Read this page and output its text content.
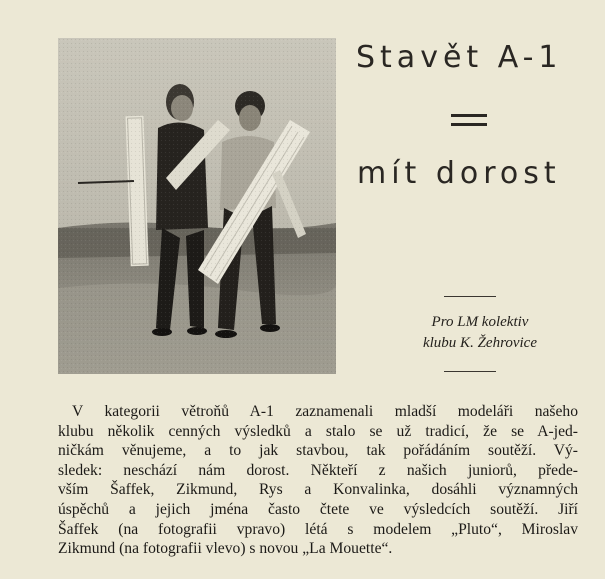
Stavět A-1
mít dorost
Pro LM kolektiv
klubu K. Žehrovice
V kategorii větroňů A-1 zaznamenali mladší modeláři našeho
klubu několik cenných výsledků a stalo se už tradicí, že se A-jed-
ničkám věnujeme, a to jak stavbou, tak pořádáním soutěží. Vý-
sledek: neschází nám dorost. Někteří z našich juniorů, přede-
vším Šaffek, Zikmund, Rys a Konvalinka, dosáhli významných
úspěchů a jejich jména často čtete ve výsledcích soutěží. Jiří
Šaffek (na fotografii vpravo) létá s modelem „Pluto“, Miroslav
Zikmund (na fotografii vlevo) s novou „La Mouette“.
